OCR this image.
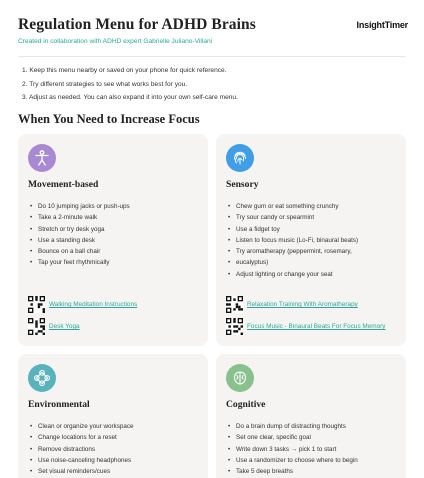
Regulation Menu for ADHD Brains
Created in collaboration with ADHD expert Gabrielle Juliano-Villani
InsightTimer
1. Keep this menu nearby or saved on your phone for quick reference.
2. Try different strategies to see what works best for you.
3. Adjust as needed. You can also expand it into your own self-care menu.
When You Need to Increase Focus
Movement-based
• Do 10 jumping jacks or push-ups
• Take a 2-minute walk
• Stretch or try desk yoga
• Use a standing desk
• Bounce on a ball chair
• Tap your feet rhythmically
Walking Meditation Instructions
Desk Yoga
Sensory
• Chew gum or eat something crunchy
• Try sour candy or spearmint
• Use a fidget toy
• Listen to focus music (Lo-Fi, binaural beats)
• Try aromatherapy (peppermint, rosemary,
• eucalyptus)
• Adjust lighting or change your seat
Relaxation Training With Aromatherapy
Focus Music - Binaural Beats For Focus Memory
Environmental
• Clean or organize your workspace
• Change locations for a reset
• Remove distractions
• Use noise-canceling headphones
• Set visual reminders/cues
Cognitive
• Do a brain dump of distracting thoughts
• Set one clear, specific goal
• Write down 3 tasks → pick 1 to start
• Use a randomizer to choose where to begin
• Take 5 deep breaths
